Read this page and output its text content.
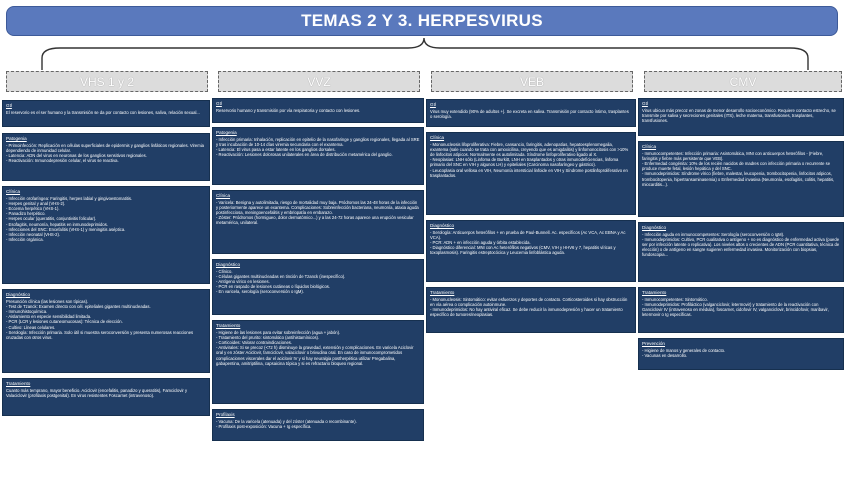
TEMAS 2 Y 3. HERPESVIRUS
VHS 1 y 2	VVZ	VEB	CMV
Gtl
El reservorio es el ser humano y la transmisión se da por contacto con lesiones, saliva, relación sexual...
Patogenia
- Primoinfección: Replicación en células superficiales de epidermis y ganglios linfáticos regionales. Viremia dependiendo de inmunidad celular.
- Latencia: ADN del virus en neuronas de los ganglios sensitivos regionales.
- Reactivación: Inmunodepresión celular, el virus se reactiva.
Clínica
- Infección orofaríngea: Faringitis, herpes labial y gingivoestomatitis.
- Herpes genital y anal (VHS-2).
- Eccema herpético (VHS-1).
- Panadizo herpético.
- Herpes ocular (queratitis, conjuntivitis folicular).
- Esofagitis, neumonía, hepatitis en inmunodeprimidos.
- Infecciones del SNC: Encefalitis (VHS-1) y meningitis aséptica.
- Infección neonatal (VHS-2).
- Infección orgánica.
Diagnóstico
Presunción clínica (las lesiones son típicas).
- Test de Tzanck: Examen directo con cél. epiteliales gigantes multinucleadas.
- Inmunohistoquímica.
- Aislamiento en especie sensibilidad limitada.
- PCR (LCR y lesiones cutaneomucosas): Técnica de elección.
- Cultivo: Líneas celulares.
- Serología: Infección primaria. Solo útil si muestra seroconversión y presenta numerosas reacciones cruzadas con otros virus.
Tratamiento
Cuanto más temprano, mayor beneficio. Aciclovir (encefalitis, panadizo y queratitis), Famciclovir y Valaciclovir (profilaxis postgenital). En virus resistentes Foscarnet (intravenoso).
Gtl
Reservorio humano y transmisión por vía respiratoria y contacto con lesiones.
Patogenia
- Infección primaria: Inhalación, replicación en epitelio de la nasofaringe y ganglios regionales, llegada al SRE y tras incubación de 10-14 días viremia secundaria con el exantema.
- Latencia: El virus pasa a estar latente en los ganglios dorsales.
- Reactivación: Lesiones dolorosas unilaterales en área de distribución metamérica del ganglio.
Clínica
- Varicela: Benigna y autolimitada, riesgo de mortalidad muy baja. Pródromos las 24-48 horas de la infección y posteriormente aparece un exantema. Complicaciones: Sobreinfección bacteriana, neumonía, ataxia aguda postinfecciosa, meningoencefalitis y embriopatía en embarazo.
- Zóster: Pródromos (hormigueo, dolor dermatómico...) y a las 24-72 horas aparece una erupción vesicular metamérica, unilateral.
Diagnóstico
- Clínico.
- Células gigantes multinucleadas en tinción de Tzanck (inespecífico).
- Antígeno vírico en lesiones.
- PCR en raspado de lesiones cutáneas o líquidos biológicos.
- En varicela, serología (seroconversión o IgM).
Tratamiento
- Higiene de las lesiones para evitar sobreinfección (agua + jabón).
- Tratamiento del prurito: sintomático (antihistamínicos).
- Corticoides: Valorar contraindicaciones.
- Antivirales: Si se precoz (<72 h) disminuye la gravedad, extensión y complicaciones. En varicela Aciclovir oral y en zóster Aciclovir, famciclovir, valaciclovir o brivudina oral. En caso de inmunocomprometidos complicaciones viscerales dar el aciclovir IV y si hay neuralgia postherpética utilizar Pregabalina, gabapentina, amitriptilina, capsaicina tópica y si es refractario bloqueo regional.
Profilaxis
- Vacuna: De la varicela (atenuada) y del zóster (atenuada o recombinante).
- Profilaxis post-exposición: Vacuna + Ig específica.
Gtl
Virus muy extendido (90% de adultos +). Se excreta en saliva. Transmisión por contacto íntimo, trasplantes o serología.
Clínica
- Mononucleosis lifoproliferativa: Fiebre, cansancio, faringitis, adenopatías, hepatoesplenomegalia, exantema (sale cuando se trata con amoxicilina, creyendo que es amigdalitis) y linfomonocitosis con >10% de linfocitos atípicos. Normalmente es autolimitada. Síndrome linfoproliferativo ligado al X.
- Neoplasias: LNH sólo (Linfoma de Burkitt, LNH en trasplantados y otras inmunodeficiencias, linfoma primario del SNC en VIH y algunos LH) y epiteliales (Carcinoma nasofaríngeo y gástrico).
- Leucoplasia oral vellosa en VIH, Neumonía intersticial linfoide en VIH y Síndrome postlinfoproliferativo en trasplantados.
Diagnóstico
- Serología: Anticuerpos heterófilos + en prueba de Paul-Bunnell. Ac. específicos (Ac VCA, Ac EBNA y Ac VCA).
- PCR: ADN + en infección aguda y órbita establecida.
- Diagnóstico diferencial: MNI con Ac heterófilos negativos (CMV, VIH y HHV6 y 7, hepatitis víricas y toxoplasmosis). Faringitis estreptocócica y Leucemia linfoblástica aguda.
Tratamiento
- Mononucleosis: Sintomático: evitar esfuerzos y deportes de contacto. Corticosteroides si hay obstrucción en vía aérea o complicación autoinmune.
- Inmunodeprimidos: No hay antiviral eficaz. Se debe reducir la inmunodepresión y hacer un tratamiento específico de tumores/neoplasias.
Gtl
Virus ubicuo más precoz en zonas de menor desarrollo socioeconómico. Requiere contacto estrecho, se transmite por saliva y secreciones genitales (ITS), leche materna, transfusiones, trasplantes, transfusiones.
Clínica
- Inmunocompetentes: Infección primaria: Asintomática, MNI con anticuerpos heterófilos - (Fiebre, faringitis y fiebre más persistente que VEB).
- Enfermedad congénita: 10% de los recién nacidos de madres con infección primaria o recurrente se produce muerte fetal, lesión hepática y del SNC.
- Inmunodeprimidos: Síndrome vírico (fiebre, malestar, leucopenia, trombocitopenia, linfocitos atípicos, trombocitopenia, hipertransaminasemia) o Enfermedad invasiva (Neumonía, esofagitis, colitis, hepatitis, miocarditis...).
Diagnóstico
- Infección aguda en inmunocompetentes: Serología (seroconversión o IgM).
- Inmunodeprimidos: Cultivo, PCR cualitativa o antígeno + no es diagnóstico de enfermedad activa (puede ser por infección latente o replicativa). Los niveles altos o crecientes de ADN (PCR cuantitativa, técnica de elección) o de antígeno en sangre sugieren enfermedad invasiva. Monitorización con biopsias, fundoscopia...
Tratamiento
- Inmunocompetentes: Sintomático.
- Inmunodeprimidos: Profiláctico (valganciclovir, letermovir) y tratamiento de la reactivación con Ganciclovir IV (intravenoso en médula), foscarnet, cidofovir IV, valganciclovir, brincidofovir, maribavir, letermovir o Ig específicas.
Prevención
- Higiene de manos y generales de contacto.
- Vacunas en desarrollo.
